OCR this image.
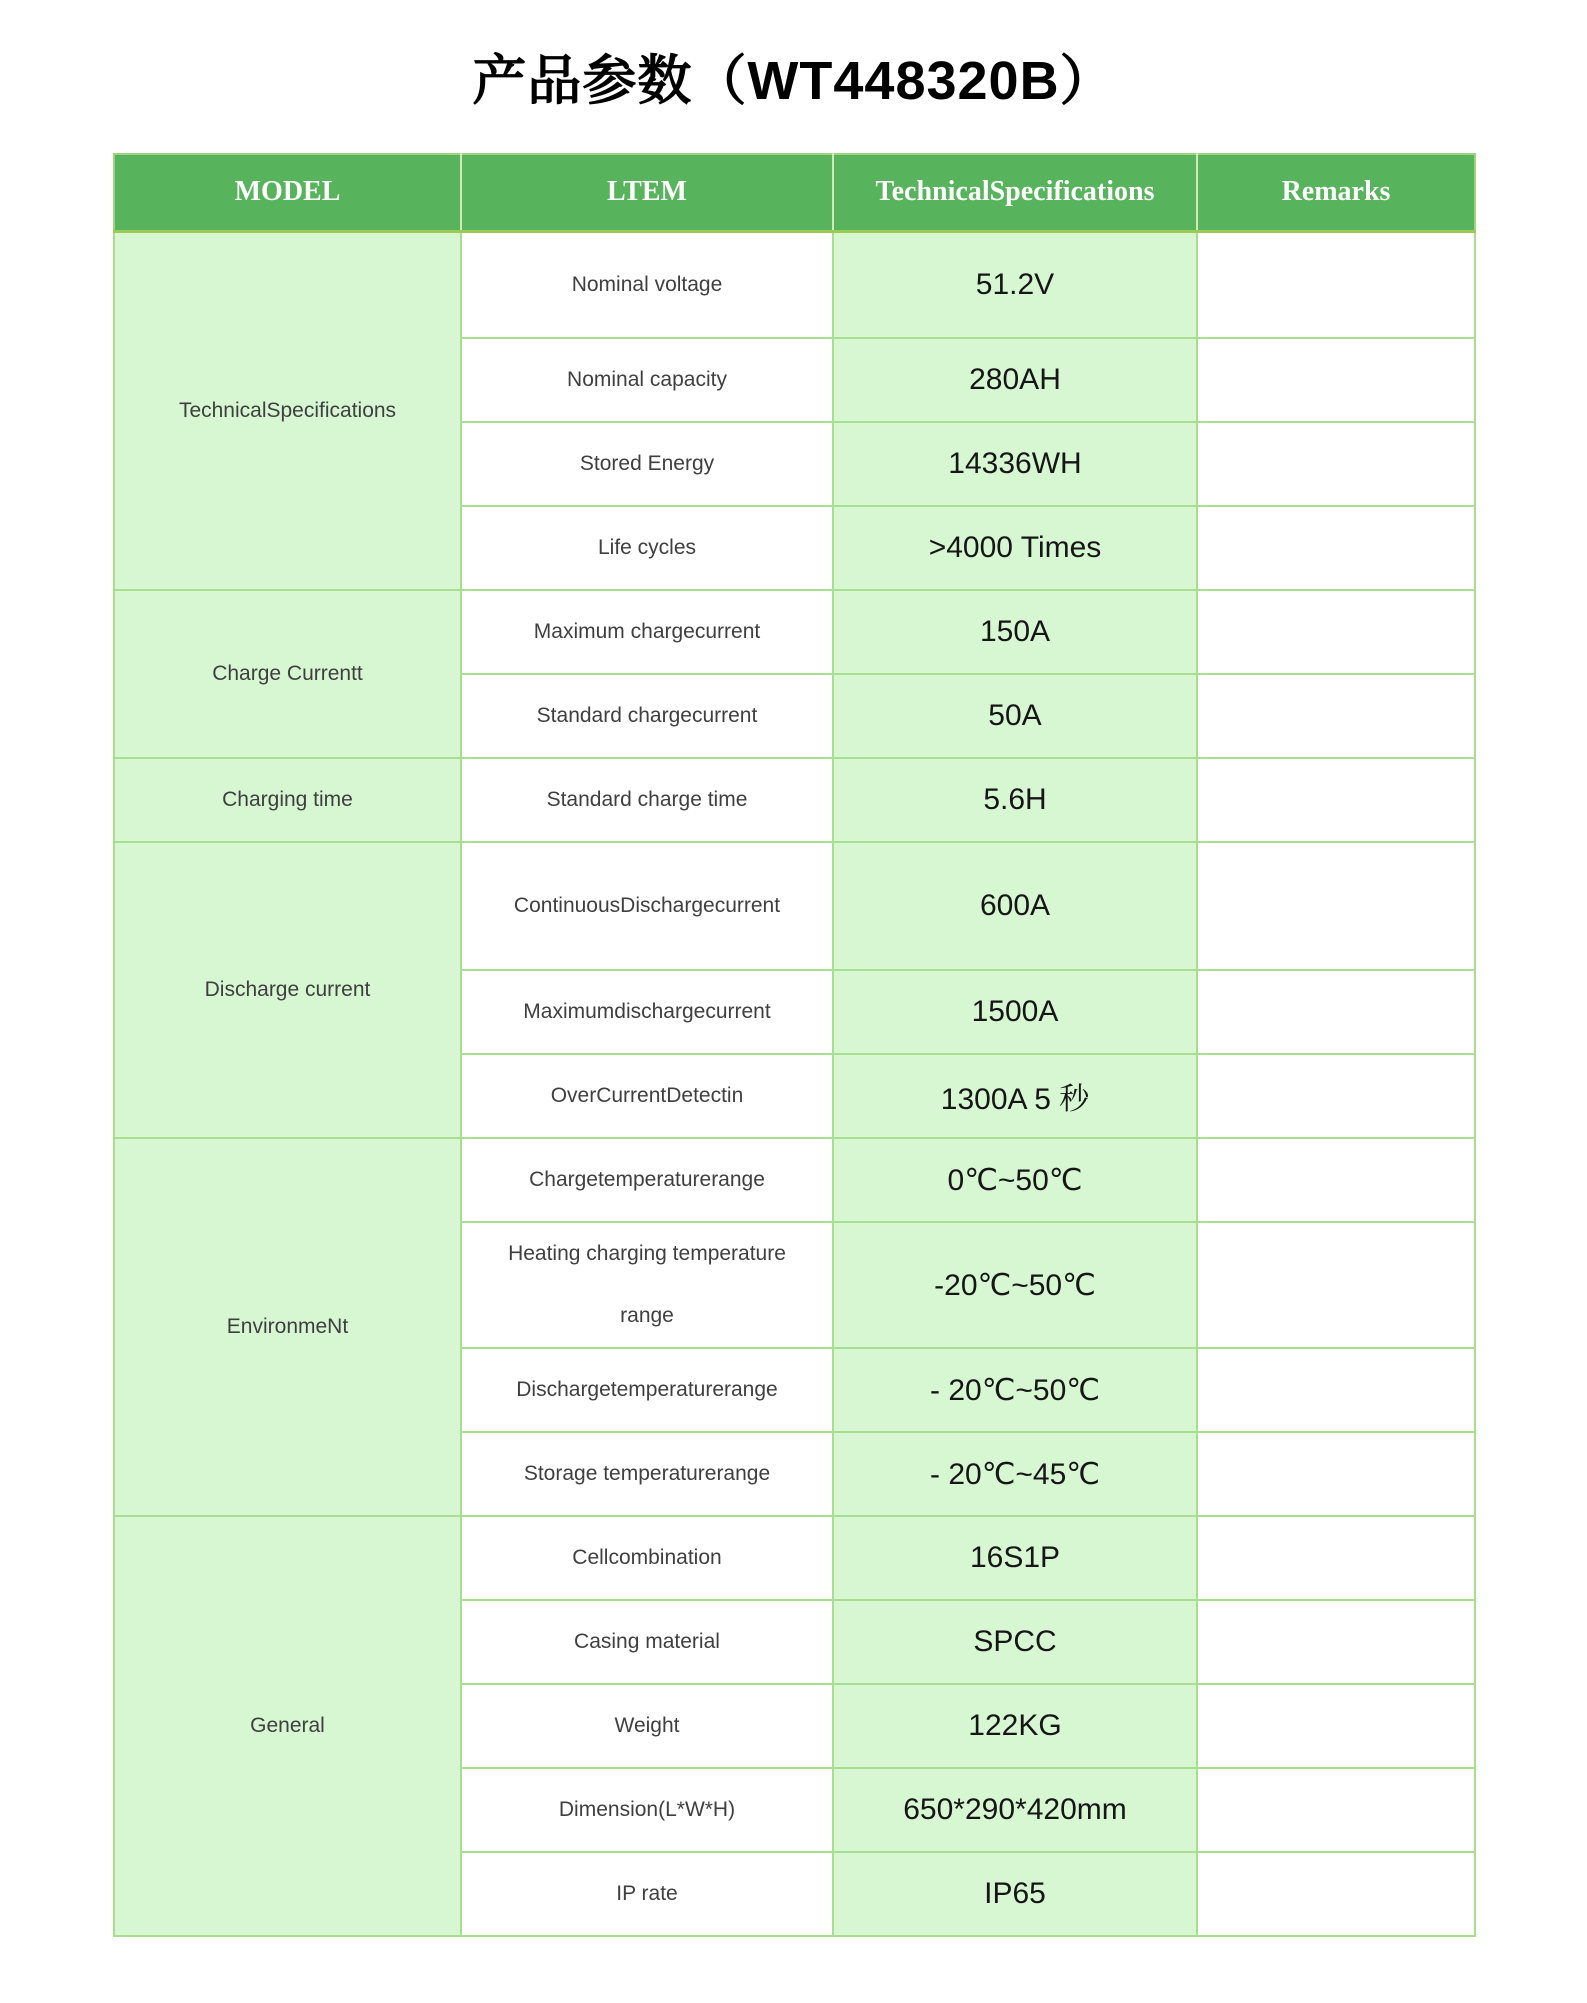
产品参数（WT448320B）
MODEL	LTEM	TechnicalSpecifications	Remarks
TechnicalSpecifications	Nominal voltage	51.2V	
	Nominal capacity	280AH	
	Stored Energy	14336WH	
	Life cycles	>4000 Times	
Charge Currentt	Maximum chargecurrent	150A	
	Standard chargecurrent	50A	
Charging time	Standard charge time	5.6H	
Discharge current	ContinuousDischargecurrent	600A	
	Maximumdischargecurrent	1500A	
	OverCurrentDetectin	1300A 5 秒	
EnvironmeNt	Chargetemperaturerange	0℃~50℃	
	Heating charging temperature range	-20℃~50℃	
	Dischargetemperaturerange	- 20℃~50℃	
	Storage temperaturerange	- 20℃~45℃	
General	Cellcombination	16S1P	
	Casing material	SPCC	
	Weight	122KG	
	Dimension(L*W*H)	650*290*420mm	
	IP rate	IP65	
